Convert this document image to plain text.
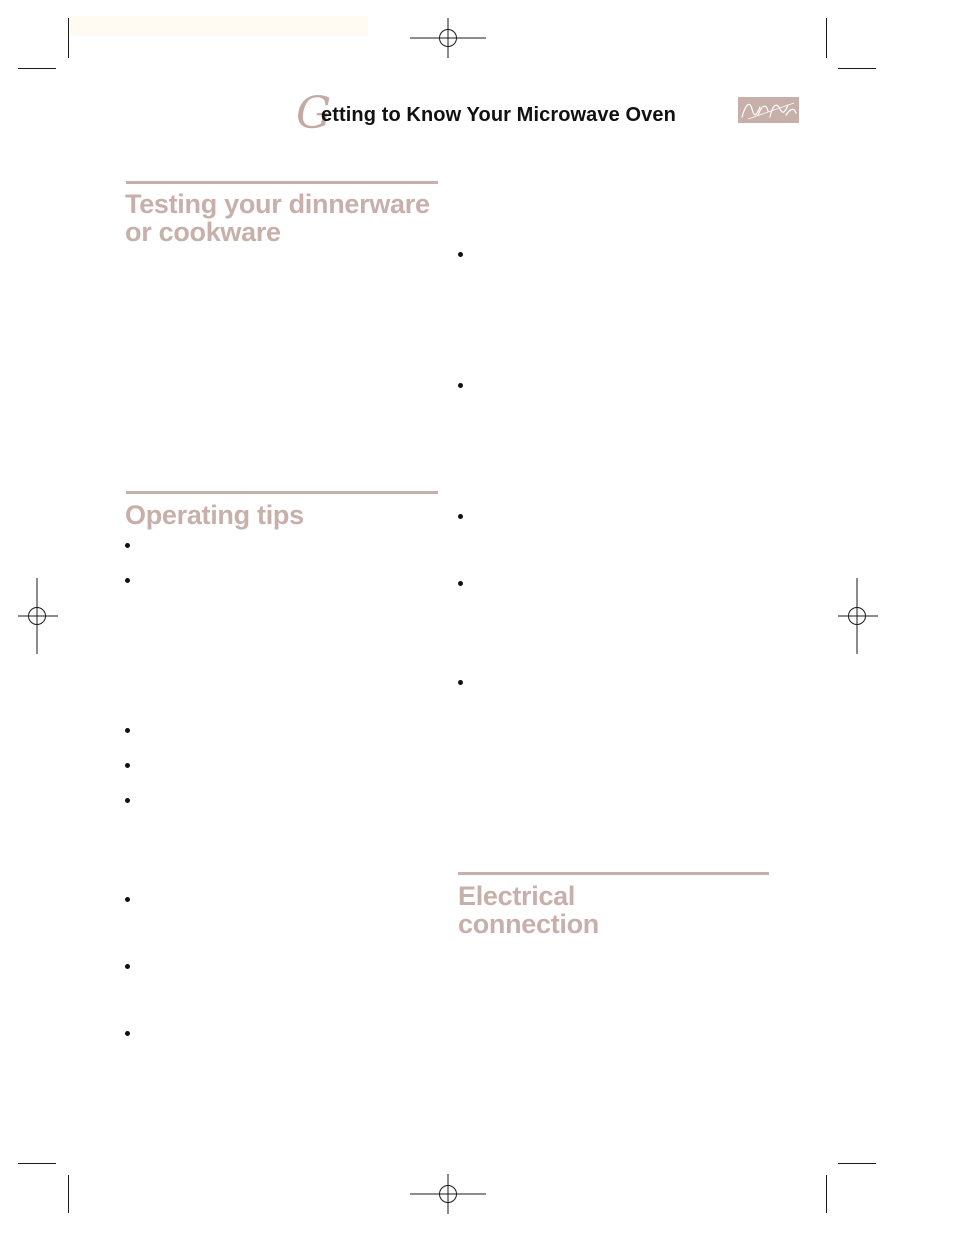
G
etting to Know Your Microwave Oven
Testing your dinnerware
or cookware
Operating tips
Electrical
connection
